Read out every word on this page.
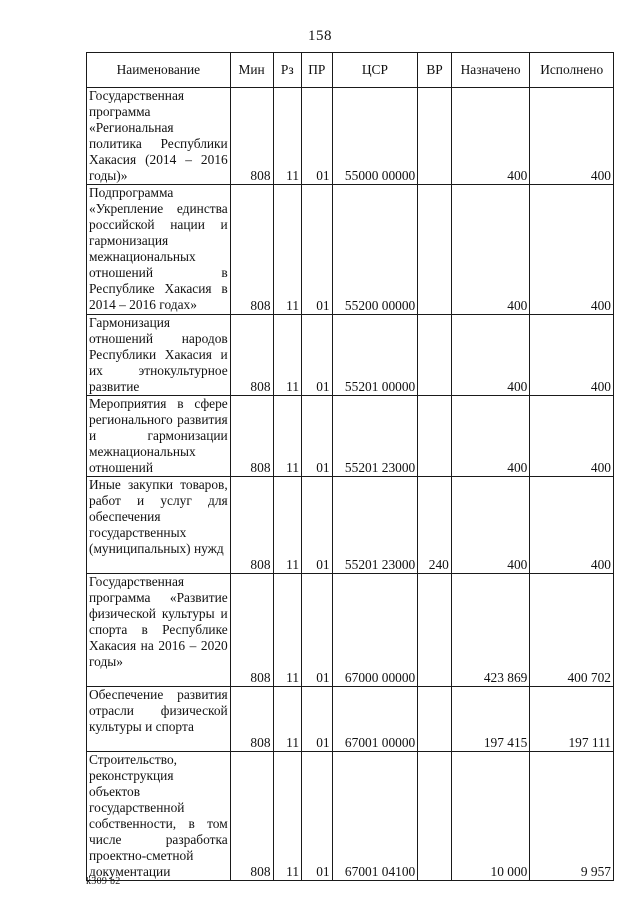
158
Наименование	Мин	Рз	ПР	ЦСР	ВР	Назначено	Исполнено
Государственная программа «Региональная политика Республики Хакасия (2014 – 2016 годы)»	808	11	01	55000 00000		400	400
Подпрограмма «Укрепление единства российской нации и гармонизация межнациональных отношений в Республике Хакасия в 2014 – 2016 годах»	808	11	01	55200 00000		400	400
Гармонизация отношений народов Республики Хакасия и их этнокультурное развитие	808	11	01	55201 00000		400	400
Мероприятия в сфере регионального развития и гармонизации межнациональных отношений	808	11	01	55201 23000		400	400
Иные закупки товаров, работ и услуг для обеспечения государственных (муниципальных) нужд	808	11	01	55201 23000	240	400	400
Государственная программа «Развитие физической культуры и спорта в Республике Хакасия на 2016 – 2020 годы»	808	11	01	67000 00000		423 869	400 702
Обеспечение развития отрасли физической культуры и спорта	808	11	01	67001 00000		197 415	197 111
Строительство, реконструкция объектов государственной собственности, в том числе разработка проектно-сметной документации	808	11	01	67001 04100		10 000	9 957
k309 b2
